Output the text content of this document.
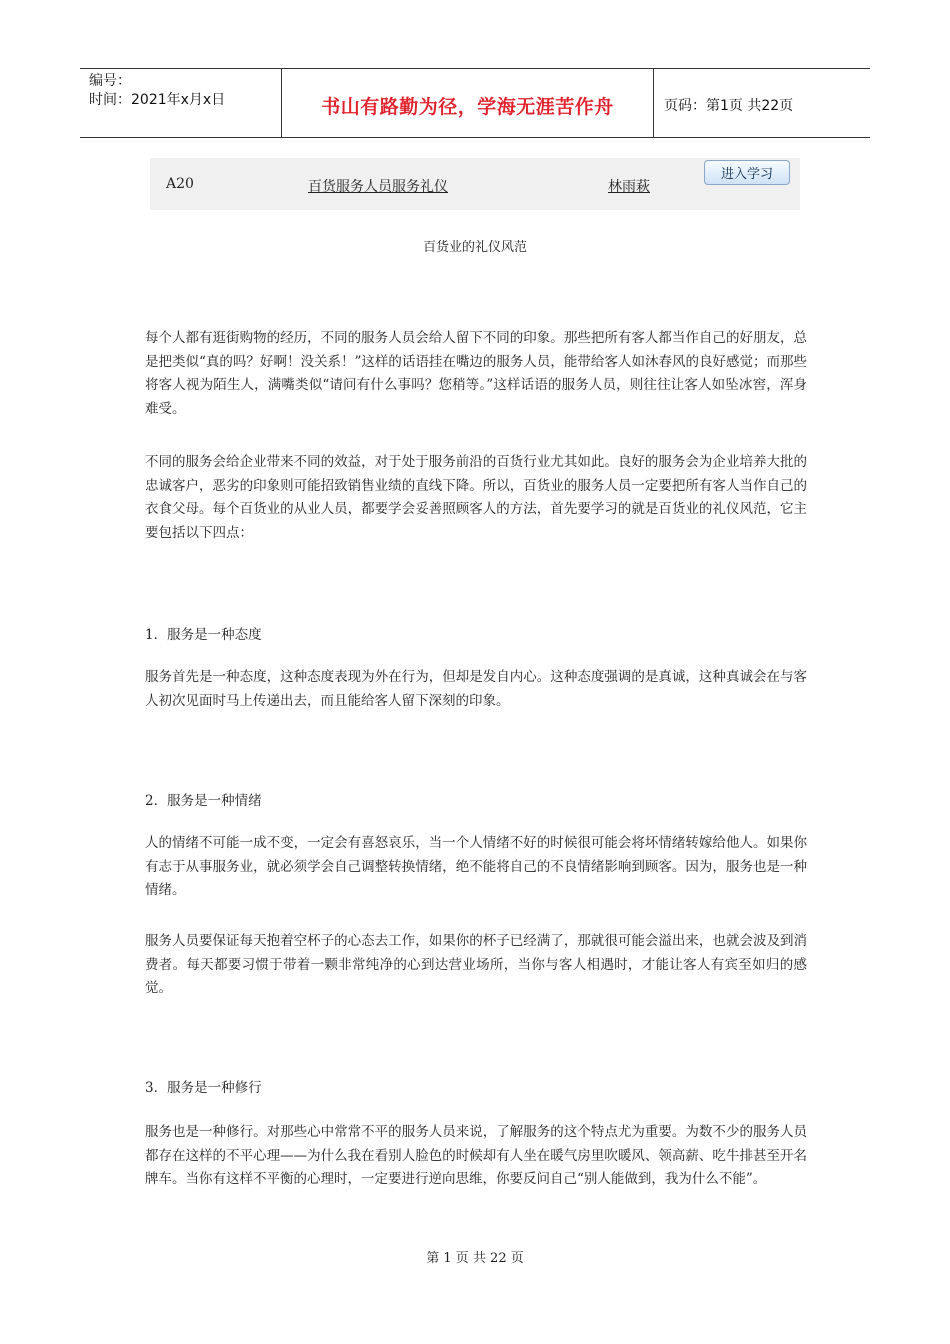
编号：
时间：2021年x月x日	书山有路勤为径，学海无涯苦作舟	页码：第1页 共22页
A20	百货服务人员服务礼仪	林雨萩
进入学习
百货业的礼仪风范

每个人都有逛街购物的经历，不同的服务人员会给人留下不同的印象。那些把所有客人都当作自己的好朋友，总是把类似“真的吗？好啊！没关系！”这样的话语挂在嘴边的服务人员，能带给客人如沐春风的良好感觉；而那些将客人视为陌生人，满嘴类似“请问有什么事吗？您稍等。”这样话语的服务人员，则往往让客人如坠冰窖，浑身难受。

不同的服务会给企业带来不同的效益，对于处于服务前沿的百货行业尤其如此。良好的服务会为企业培养大批的忠诚客户，恶劣的印象则可能招致销售业绩的直线下降。所以，百货业的服务人员一定要把所有客人当作自己的衣食父母。每个百货业的从业人员，都要学会妥善照顾客人的方法，首先要学习的就是百货业的礼仪风范，它主要包括以下四点：

1．服务是一种态度

服务首先是一种态度，这种态度表现为外在行为，但却是发自内心。这种态度强调的是真诚，这种真诚会在与客人初次见面时马上传递出去，而且能给客人留下深刻的印象。

2．服务是一种情绪

人的情绪不可能一成不变，一定会有喜怒哀乐，当一个人情绪不好的时候很可能会将坏情绪转嫁给他人。如果你有志于从事服务业，就必须学会自己调整转换情绪，绝不能将自己的不良情绪影响到顾客。因为，服务也是一种情绪。

服务人员要保证每天抱着空杯子的心态去工作，如果你的杯子已经满了，那就很可能会溢出来，也就会波及到消费者。每天都要习惯于带着一颗非常纯净的心到达营业场所，当你与客人相遇时，才能让客人有宾至如归的感觉。

3．服务是一种修行

服务也是一种修行。对那些心中常常不平的服务人员来说，了解服务的这个特点尤为重要。为数不少的服务人员都存在这样的不平心理——为什么我在看别人脸色的时候却有人坐在暖气房里吹暖风、领高薪、吃牛排甚至开名牌车。当你有这样不平衡的心理时，一定要进行逆向思维，你要反问自己“别人能做到，我为什么不能”。

第 1 页 共 22 页
